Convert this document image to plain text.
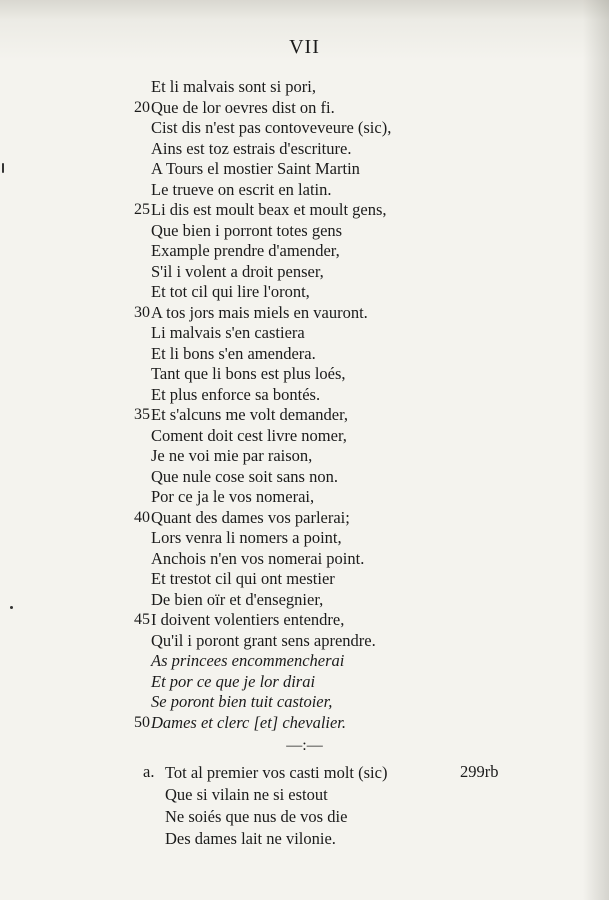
VII
Et li malvais sont si pori,
20 Que de lor oevres dist on fi.
Cist dis n'est pas contoveveure (sic),
Ains est toz estrais d'escriture.
A Tours el mostier Saint Martin
Le trueve on escrit en latin.
25 Li dis est moult beax et moult gens,
Que bien i porront totes gens
Example prendre d'amender,
S'il i volent a droit penser,
Et tot cil qui lire l'oront,
30 A tos jors mais miels en vauront.
Li malvais s'en castiera
Et li bons s'en amendera.
Tant que li bons est plus loés,
Et plus enforce sa bontés.
35 Et s'alcuns me volt demander,
Coment doit cest livre nomer,
Je ne voi mie par raison,
Que nule cose soit sans non.
Por ce ja le vos nomerai,
40 Quant des dames vos parlerai;
Lors venra li nomers a point,
Anchois n'en vos nomerai point.
Et trestot cil qui ont mestier
De bien oïr et d'ensegnier,
45 I doivent volentiers entendre,
Qu'il i poront grant sens aprendre.
As princees encommencherai
Et por ce que je lor dirai
Se poront bien tuit castoier,
50 Dames et clerc [et] chevalier.
—:—
a.	299rb
Tot al premier vos casti molt (sic)
Que si vilain ne si estout
Ne soiés que nus de vos die
Des dames lait ne vilonie.
